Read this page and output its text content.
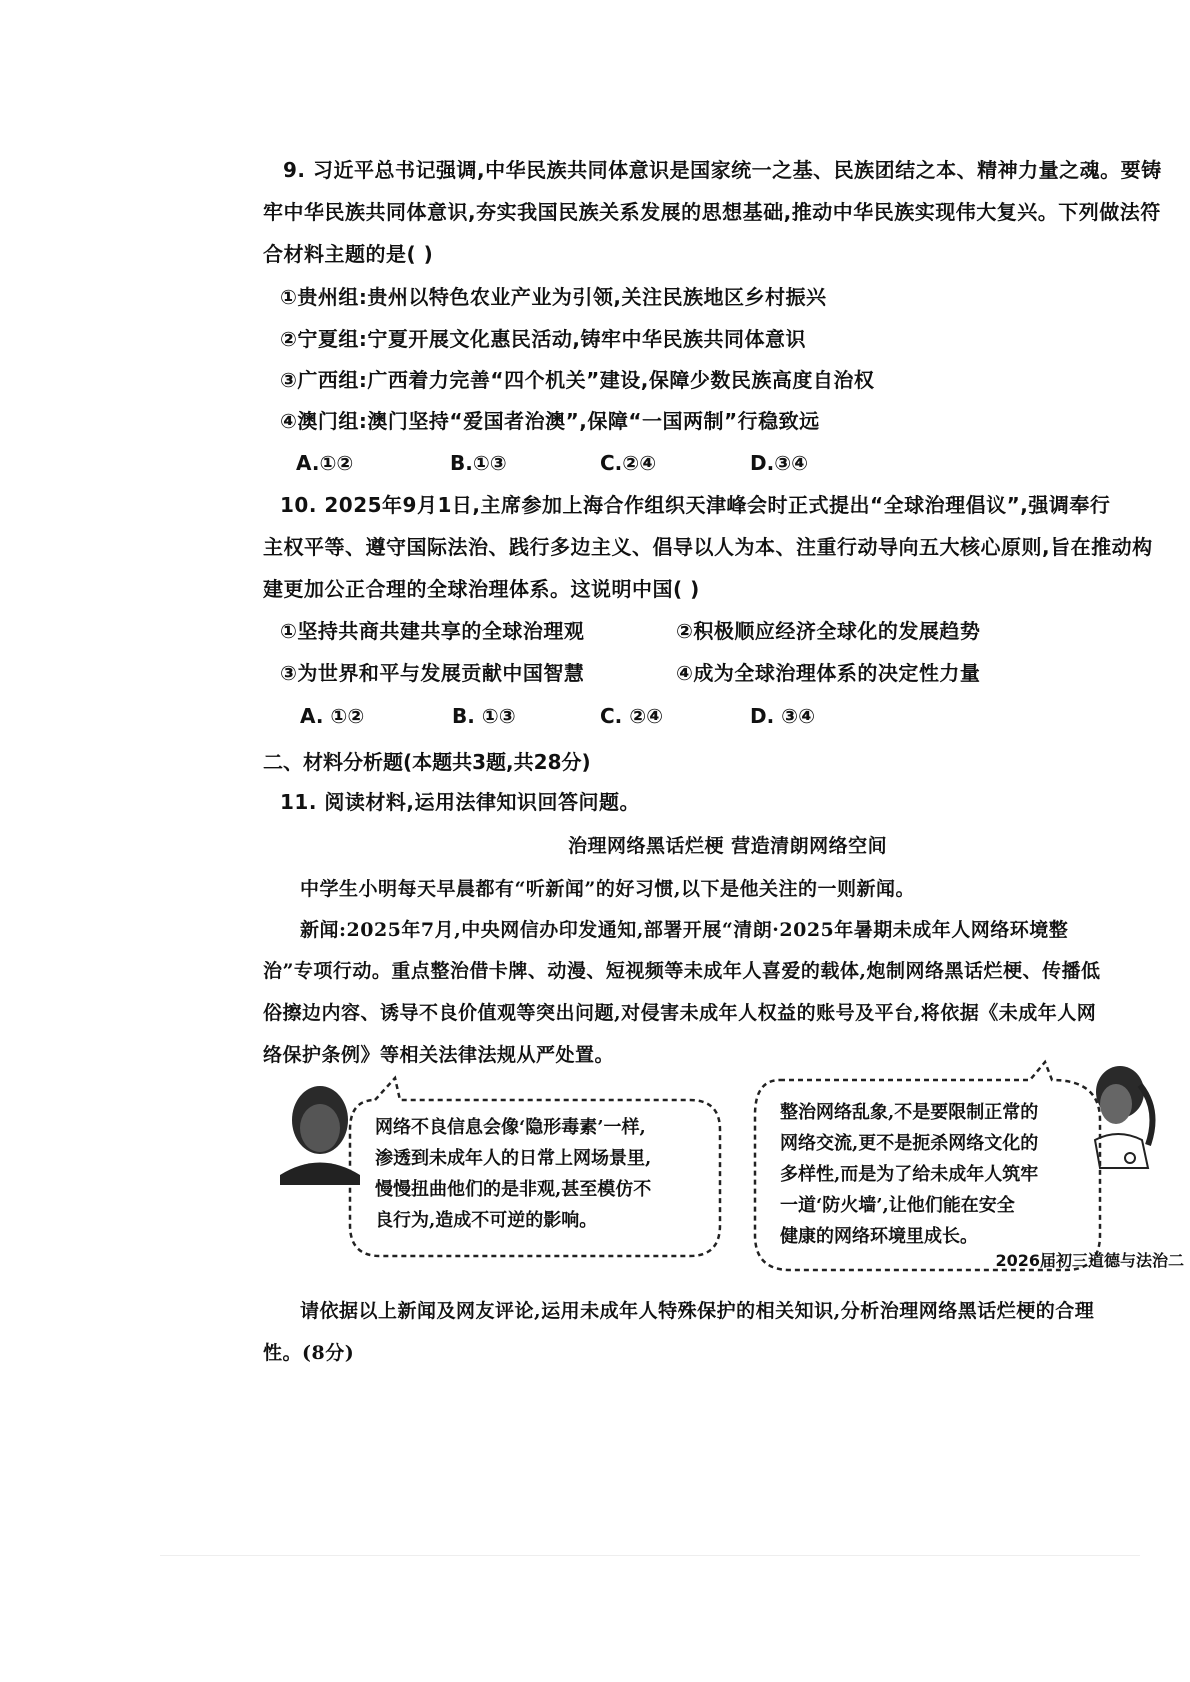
9. 习近平总书记强调,中华民族共同体意识是国家统一之基、民族团结之本、精神力量之魂。要铸
牢中华民族共同体意识,夯实我国民族关系发展的思想基础,推动中华民族实现伟大复兴。下列做法符
合材料主题的是( )
①贵州组:贵州以特色农业产业为引领,关注民族地区乡村振兴
②宁夏组:宁夏开展文化惠民活动,铸牢中华民族共同体意识
③广西组:广西着力完善“四个机关”建设,保障少数民族高度自治权
④澳门组:澳门坚持“爱国者治澳”,保障“一国两制”行稳致远
A.①②	B.①③	C.②④	D.③④
10. 2025年9月1日,主席参加上海合作组织天津峰会时正式提出“全球治理倡议”,强调奉行
主权平等、遵守国际法治、践行多边主义、倡导以人为本、注重行动导向五大核心原则,旨在推动构
建更加公正合理的全球治理体系。这说明中国( )
①坚持共商共建共享的全球治理观	②积极顺应经济全球化的发展趋势
③为世界和平与发展贡献中国智慧	④成为全球治理体系的决定性力量
A. ①②	B. ①③	C. ②④	D. ③④
二、材料分析题(本题共3题,共28分)
11. 阅读材料,运用法律知识回答问题。
治理网络黑话烂梗 营造清朗网络空间
中学生小明每天早晨都有“听新闻”的好习惯,以下是他关注的一则新闻。
新闻:2025年7月,中央网信办印发通知,部署开展“清朗·2025年暑期未成年人网络环境整
治”专项行动。重点整治借卡牌、动漫、短视频等未成年人喜爱的载体,炮制网络黑话烂梗、传播低
俗擦边内容、诱导不良价值观等突出问题,对侵害未成年人权益的账号及平台,将依据《未成年人网
络保护条例》等相关法律法规从严处置。
网络不良信息会像‘隐形毒素’一样,
渗透到未成年人的日常上网场景里,
慢慢扭曲他们的是非观,甚至模仿不
良行为,造成不可逆的影响。
整治网络乱象,不是要限制正常的
网络交流,更不是扼杀网络文化的
多样性,而是为了给未成年人筑牢
一道‘防火墙’,让他们能在安全
健康的网络环境里成长。
请依据以上新闻及网友评论,运用未成年人特殊保护的相关知识,分析治理网络黑话烂梗的合理
性。(8分)
2026届初三道德与法治二
